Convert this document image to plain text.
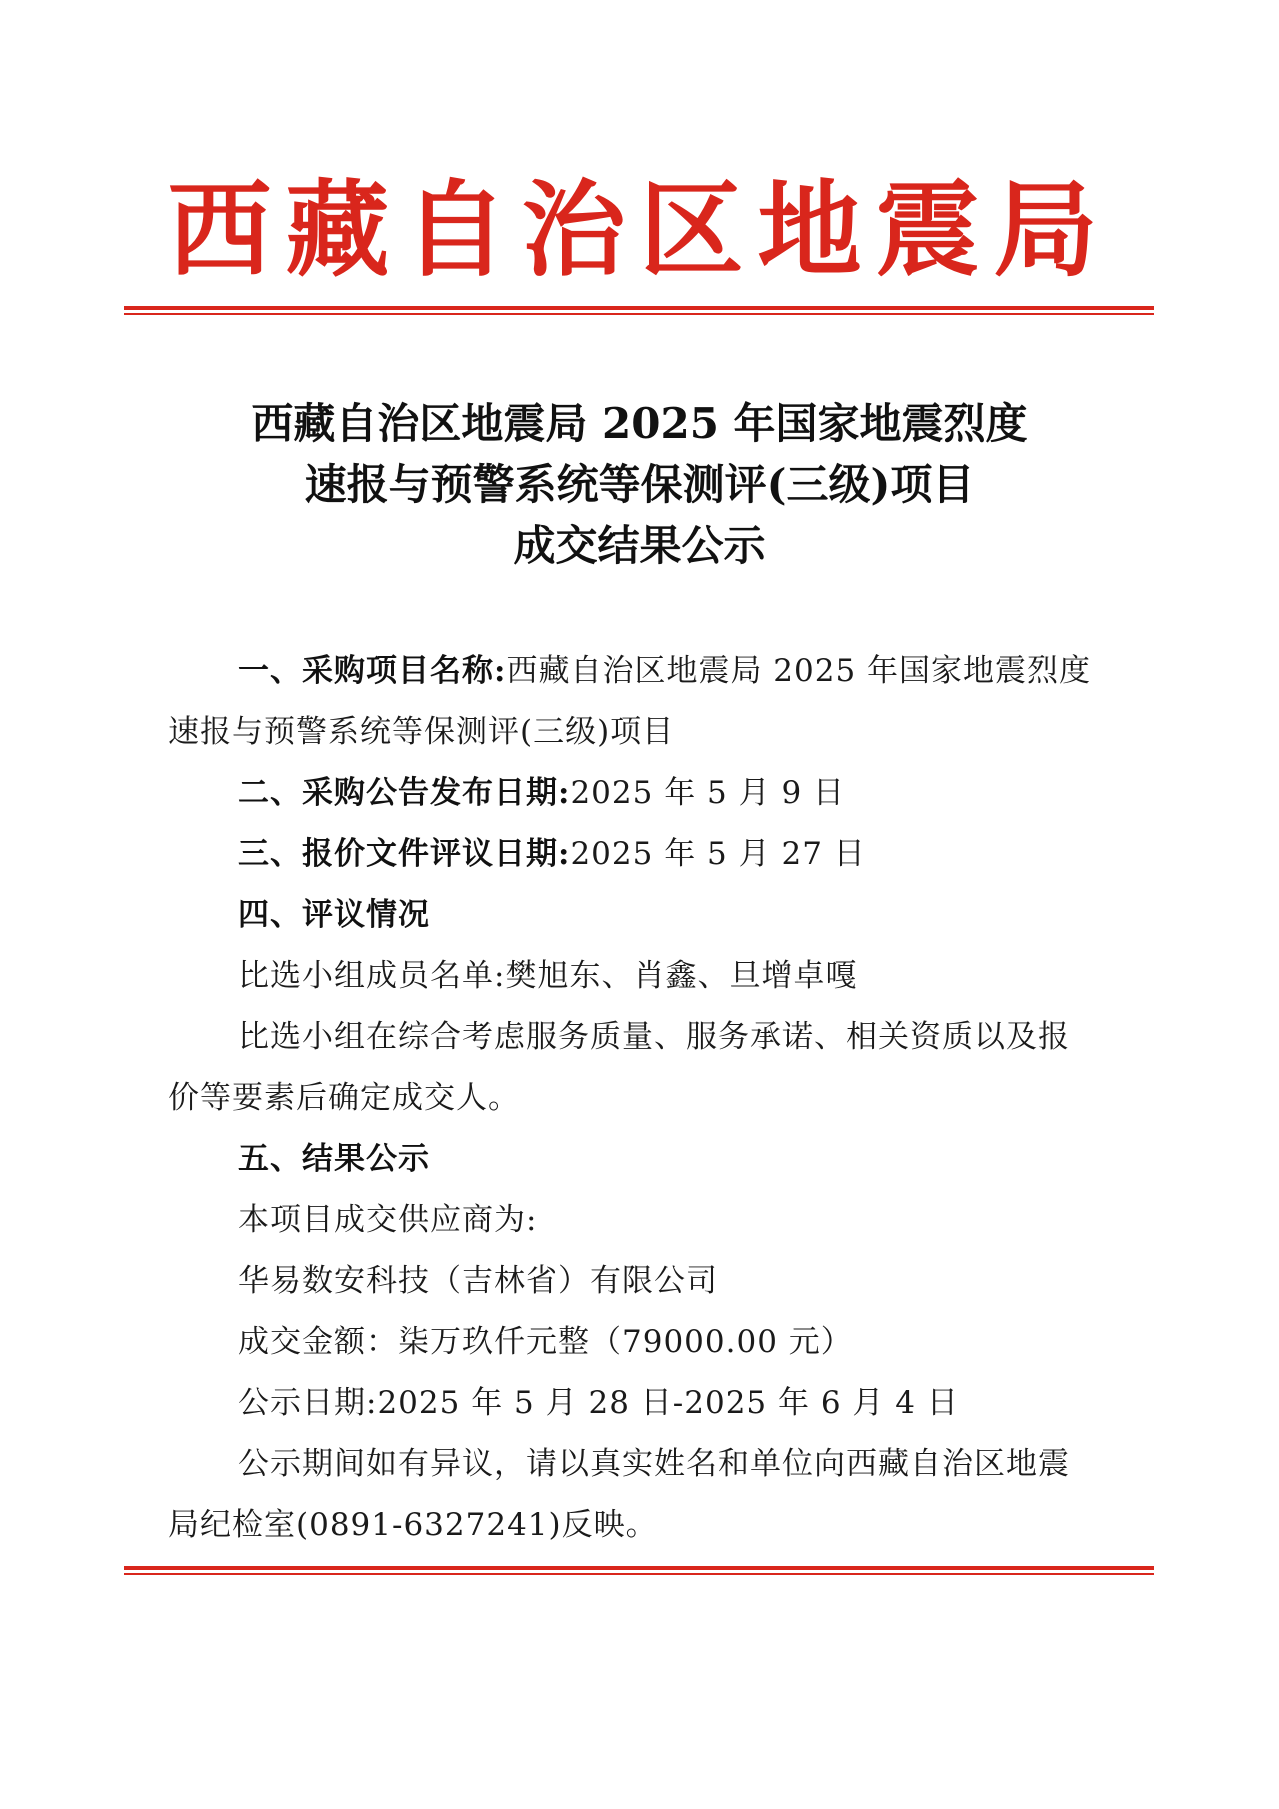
西藏自治区地震局
西藏自治区地震局 2025 年国家地震烈度
速报与预警系统等保测评(三级)项目
成交结果公示
一、采购项目名称:西藏自治区地震局 2025 年国家地震烈度
速报与预警系统等保测评(三级)项目
二、采购公告发布日期:2025 年 5 月 9 日
三、报价文件评议日期:2025 年 5 月 27 日
四、评议情况
比选小组成员名单:樊旭东、肖鑫、旦增卓嘎
比选小组在综合考虑服务质量、服务承诺、相关资质以及报
价等要素后确定成交人。
五、结果公示
本项目成交供应商为:
华易数安科技（吉林省）有限公司
成交金额：柒万玖仟元整（79000.00 元）
公示日期:2025 年 5 月 28 日-2025 年 6 月 4 日
公示期间如有异议，请以真实姓名和单位向西藏自治区地震
局纪检室(0891-6327241)反映。
